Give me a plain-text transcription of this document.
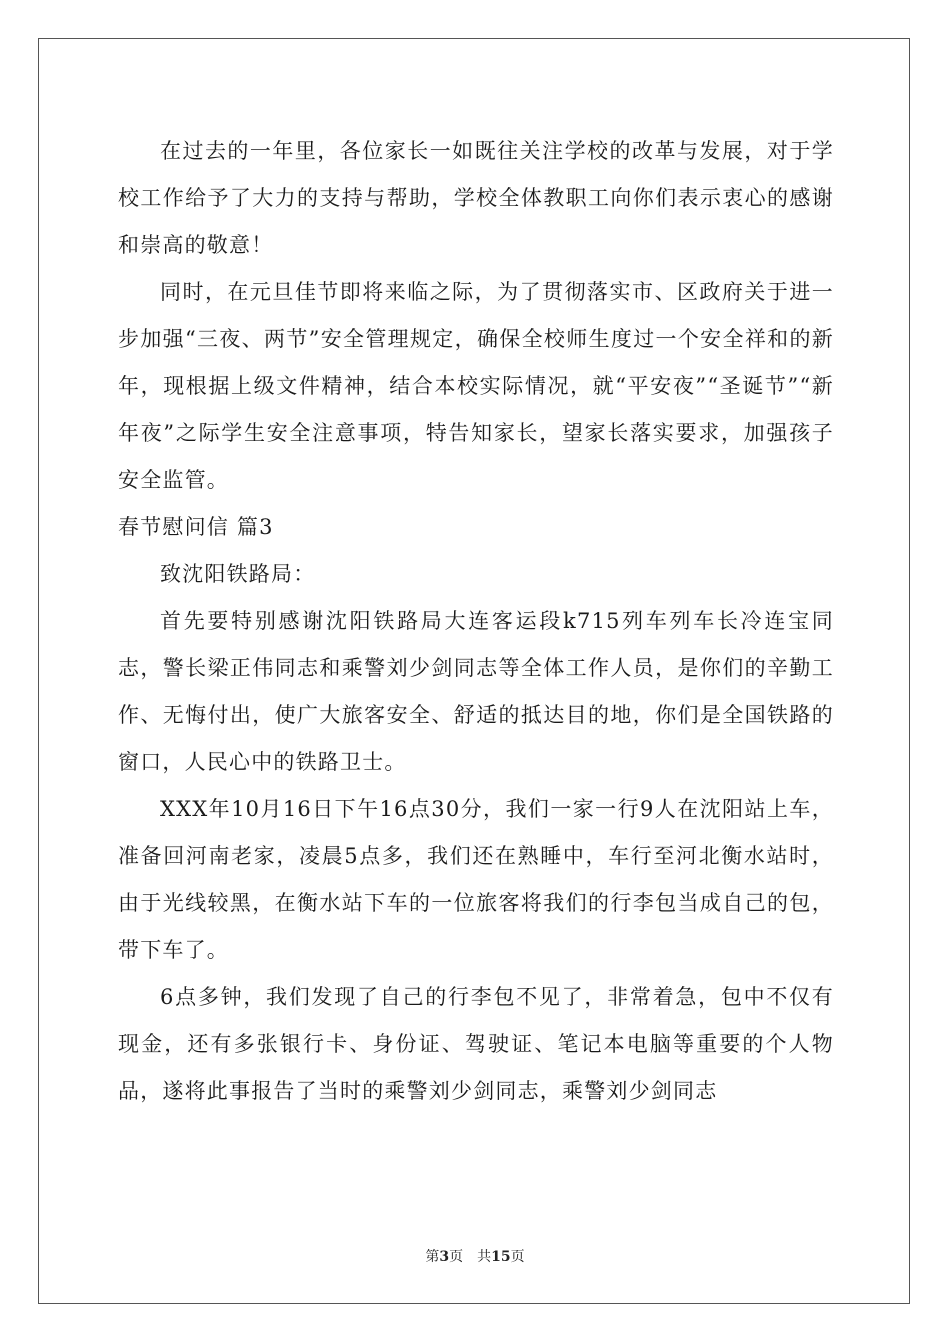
在过去的一年里，各位家长一如既往关注学校的改革与发展，对于学校工作给予了大力的支持与帮助，学校全体教职工向你们表示衷心的感谢和崇高的敬意！

同时，在元旦佳节即将来临之际，为了贯彻落实市、区政府关于进一步加强“三夜、两节”安全管理规定，确保全校师生度过一个安全祥和的新年，现根据上级文件精神，结合本校实际情况，就“平安夜”“圣诞节”“新年夜”之际学生安全注意事项，特告知家长，望家长落实要求，加强孩子安全监管。

春节慰问信 篇3

致沈阳铁路局：

首先要特别感谢沈阳铁路局大连客运段k715列车列车长冷连宝同志，警长梁正伟同志和乘警刘少剑同志等全体工作人员，是你们的辛勤工作、无悔付出，使广大旅客安全、舒适的抵达目的地，你们是全国铁路的窗口，人民心中的铁路卫士。

XXX年10月16日下午16点30分，我们一家一行9人在沈阳站上车，准备回河南老家，凌晨5点多，我们还在熟睡中，车行至河北衡水站时，由于光线较黑，在衡水站下车的一位旅客将我们的行李包当成自己的包，带下车了。

6点多钟，我们发现了自己的行李包不见了，非常着急，包中不仅有现金，还有多张银行卡、身份证、驾驶证、笔记本电脑等重要的个人物品，遂将此事报告了当时的乘警刘少剑同志，乘警刘少剑同志

第3页 共15页
